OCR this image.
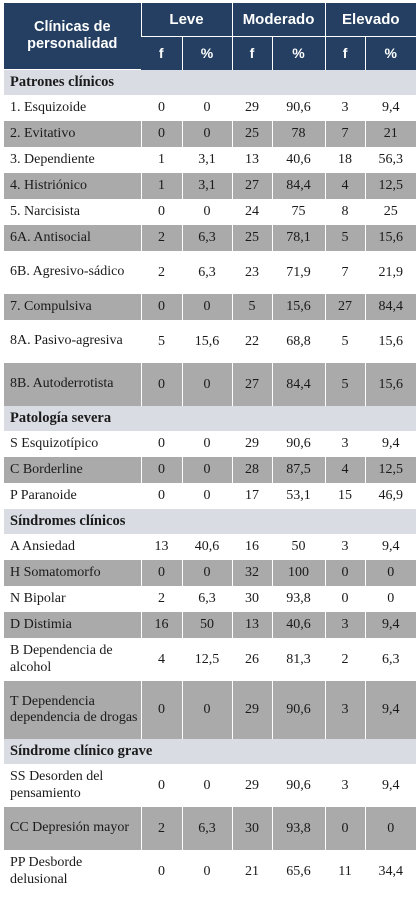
Clínicas de personalidad	Leve		Moderado		Elevado	
	f	%	f	%	f	%
Patrones clínicos						
1. Esquizoide	0	0	29	90,6	3	9,4
2. Evitativo	0	0	25	78	7	21
3. Dependiente	1	3,1	13	40,6	18	56,3
4. Histriónico	1	3,1	27	84,4	4	12,5
5. Narcisista	0	0	24	75	8	25
6A. Antisocial	2	6,3	25	78,1	5	15,6
6B. Agresivo-sádico	2	6,3	23	71,9	7	21,9
7. Compulsiva	0	0	5	15,6	27	84,4
8A. Pasivo-agresiva	5	15,6	22	68,8	5	15,6
8B. Autoderrotista	0	0	27	84,4	5	15,6
Patología severa						
S Esquizotípico	0	0	29	90,6	3	9,4
C Borderline	0	0	28	87,5	4	12,5
P Paranoide	0	0	17	53,1	15	46,9
Síndromes clínicos						
A Ansiedad	13	40,6	16	50	3	9,4
H Somatomorfo	0	0	32	100	0	0
N Bipolar	2	6,3	30	93,8	0	0
D Distimia	16	50	13	40,6	3	9,4
B Dependencia de alcohol	4	12,5	26	81,3	2	6,3
T Dependencia dependencia de drogas	0	0	29	90,6	3	9,4
Síndrome clínico grave						
SS Desorden del pensamiento	0	0	29	90,6	3	9,4
CC Depresión mayor	2	6,3	30	93,8	0	0
PP Desborde delusional	0	0	21	65,6	11	34,4
